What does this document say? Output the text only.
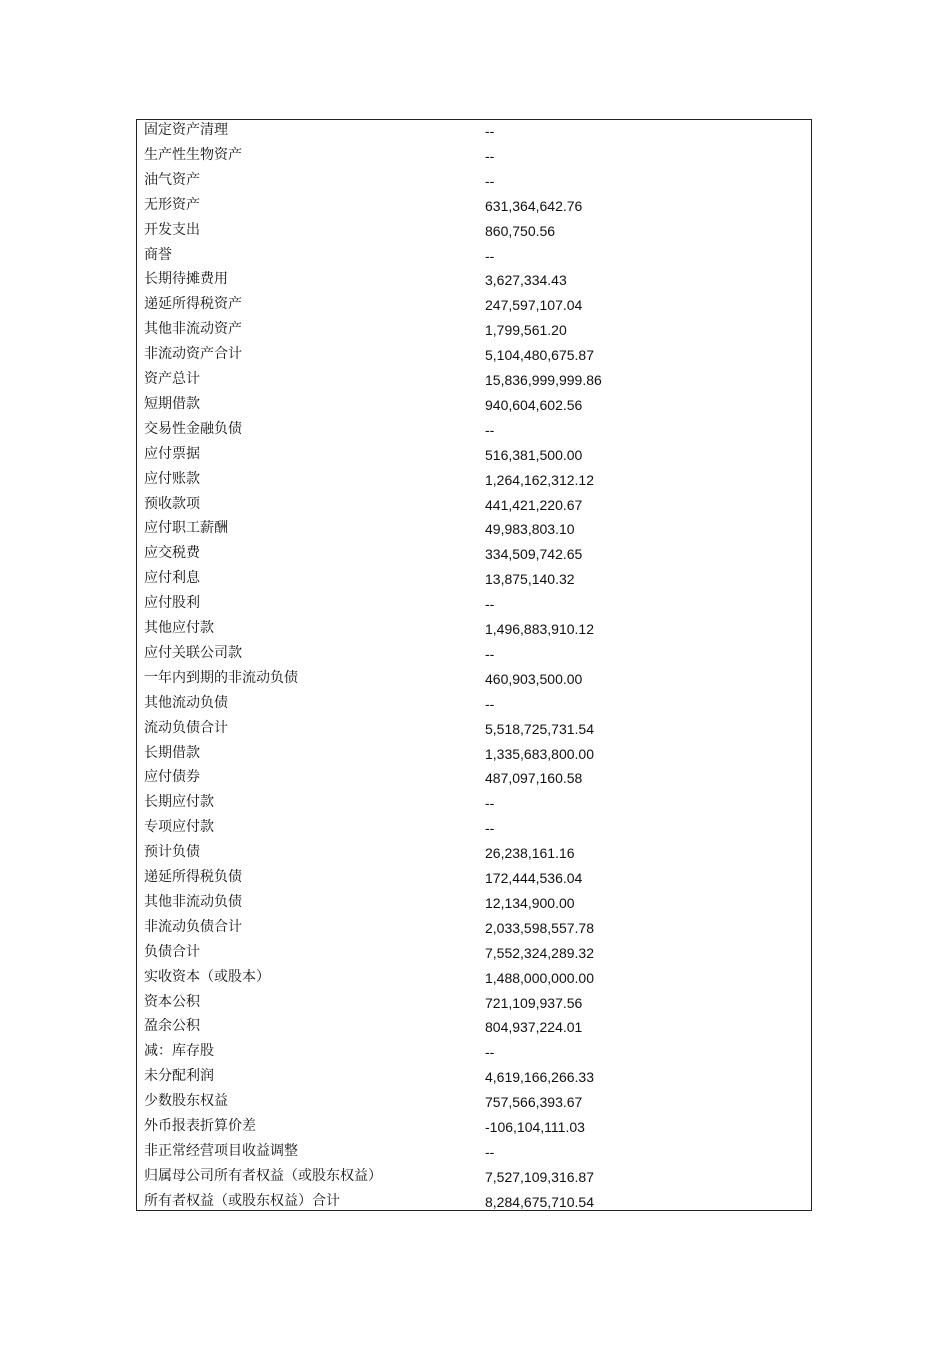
固定资产清理	--
生产性生物资产	--
油气资产	--
无形资产	631,364,642.76
开发支出	860,750.56
商誉	--
长期待摊费用	3,627,334.43
递延所得税资产	247,597,107.04
其他非流动资产	1,799,561.20
非流动资产合计	5,104,480,675.87
资产总计	15,836,999,999.86
短期借款	940,604,602.56
交易性金融负债	--
应付票据	516,381,500.00
应付账款	1,264,162,312.12
预收款项	441,421,220.67
应付职工薪酬	49,983,803.10
应交税费	334,509,742.65
应付利息	13,875,140.32
应付股利	--
其他应付款	1,496,883,910.12
应付关联公司款	--
一年内到期的非流动负债	460,903,500.00
其他流动负债	--
流动负债合计	5,518,725,731.54
长期借款	1,335,683,800.00
应付债券	487,097,160.58
长期应付款	--
专项应付款	--
预计负债	26,238,161.16
递延所得税负债	172,444,536.04
其他非流动负债	12,134,900.00
非流动负债合计	2,033,598,557.78
负债合计	7,552,324,289.32
实收资本（或股本）	1,488,000,000.00
资本公积	721,109,937.56
盈余公积	804,937,224.01
减：库存股	--
未分配利润	4,619,166,266.33
少数股东权益	757,566,393.67
外币报表折算价差	-106,104,111.03
非正常经营项目收益调整	--
归属母公司所有者权益（或股东权益）	7,527,109,316.87
所有者权益（或股东权益）合计	8,284,675,710.54
